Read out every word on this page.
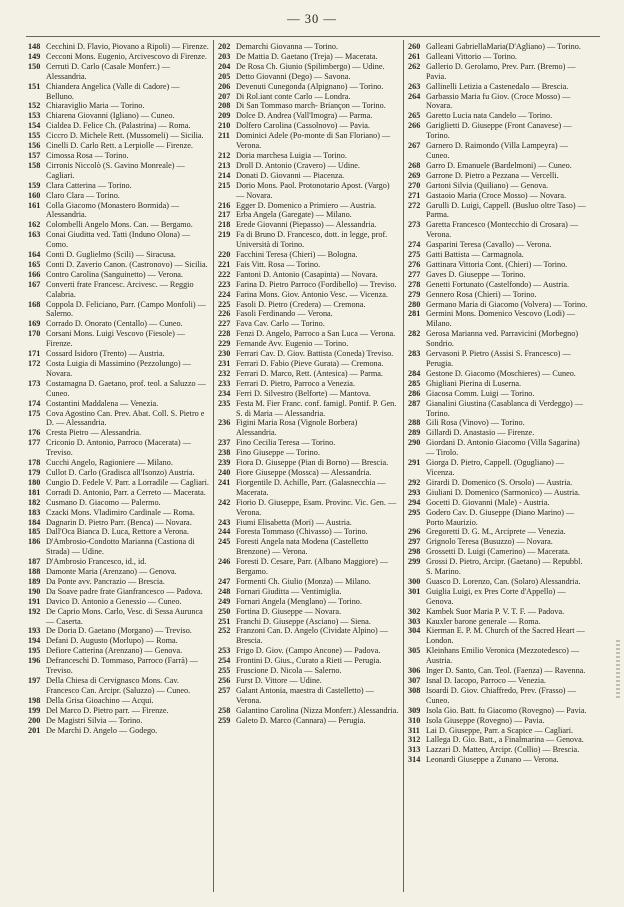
— 30 —

148 Cecchini D. Flavio, Piovano a Ripoli) — Firenze.

149 Cecconi Mons. Eugenio, Arcivescovo di Firenze.

150 Cerruti D. Carlo (Casale Monferr.) — Alessandria.

151 Chiandera Angelica (Valle di Cadore) — Belluno.

152 Chiaraviglio Maria — Torino.

153 Chiarena Giovanni (Igliano) — Cuneo.

154 Cialdea D. Felice Ch. (Palastrina) — Roma.

155 Ciccro D. Michele Rett. (Mussomeli) — Sicilia.

156 Cinelli D. Carlo Rett. a Lerpiolle — Firenze.

157 Cimossa Rosa — Torino.

158 Cirronis Niccolò (S. Gavino Monreale) — Cagliari.

159 Clara Catterina — Torino.

160 Claro Clara — Torino.

161 Colla Giacomo (Monastero Bormida) — Alessandria.

162 Colombelli Angelo Mons. Can. — Bergamo.

163 Conai Giuditta ved. Tatti (Induno Olona) — Como.

164 Conti D. Guglielmo (Scili) — Siracusa.

165 Conti D. Zaverio Canon. (Castronovo) — Sicilia.

166 Contro Carolina (Sanguinetto) — Verona.

167 Converti frate Francesc. Arcivesc. — Reggio Calabria.

168 Coppola D. Feliciano, Parr. (Campo Monfoli) — Salerno.

169 Corrado D. Onorato (Centallo) — Cuneo.

170 Corsani Mons. Luigi Vescovo (Fiesole) — Firenze.

171 Cossard Isidoro (Trento) — Austria.

172 Costa Luigia di Massimino (Pezzolungo) — Novara.

173 Costamagna D. Gaetano, prof. teol. a Saluzzo — Cuneo.

174 Costantini Maddalena — Venezia.

175 Cova Agostino Can. Prev. Abat. Coll. S. Pietro e D. — Alessandria.

176 Cresta Pietro — Alessandria.

177 Criconio D. Antonio, Parroco (Macerata) — Treviso.

178 Cucchi Angelo, Ragioniere — Milano.

179 Cullot D. Carlo (Gradisca all'Isonzo) Austria.

180 Cungio D. Fedele V. Parr. a Lorradile — Cagliari.

181 Corradi D. Antonio, Parr. a Cerreto — Macerata.

182 Cusmano D. Giacomo — Palermo.

183 Czacki Mons. Vladimiro Cardinale — Roma.

184 Dagnarin D. Pietro Parr. (Benca) — Novara.

185 Dall'Oca Bianca D. Luca, Rettore a Verona.

186 D'Ambrosio-Condotto Marianna (Castiona di Strada) — Udine.

187 D'Ambrosio Francesco, id., id.

188 Damonte Maria (Arenzano) — Genova.

189 Da Ponte avv. Pancrazio — Brescia.

190 Da Soave padre frate Gianfrancesco — Padova.

191 Davico D. Antonio a Genessio — Cuneo.

192 De Caprio Mons. Carlo, Vesc. di Sessa Aurunca — Caserta.

193 De Doria D. Gaetano (Morgano) — Treviso.

194 Defani D. Augusto (Morlupo) — Roma.

195 Defiore Catterina (Arenzano) — Genova.

196 Defranceschi D. Tommaso, Parroco (Farrà) — Treviso.

197 Della Chiesa di Cervignasco Mons. Cav. Francesco Can. Arcipr. (Saluzzo) — Cuneo.

198 Della Grisa Gioachino — Acqui.

199 Del Marco D. Pietro parr. — Firenze.

200 De Magistri Silvia — Torino.

201 De Marchi D. Angelo — Godego.

202 Demarchi Giovanna — Torino.

203 De Mattia D. Gaetano (Treja) — Macerata.

204 De Rosa Ch. Giunio (Spilimbergo) — Udine.

205 Detto Giovanni (Dego) — Savona.

206 Devenuti Cunegonda (Alpignano) — Torino.

207 Di Rol.iant conte Carlo — Londra.

208 Di San Tommaso march- Briançon — Torino.

209 Dolce D. Andrea (Vall'Imogra) — Parma.

210 Dolfero Carolina (Cassolnovo) — Pavia.

211 Dominici Adele (Po-monte di San Floriano) — Verona.

212 Doria marchesa Luigia — Torino.

213 Droll D. Antonio (Cravero) — Udine.

214 Donati D. Giovanni — Piacenza.

215 Dorio Mons. Paol. Protonotario Apost. (Vargo) — Novara.

216 Egger D. Domenico a Primiero — Austria.

217 Erba Angela (Garegate) — Milano.

218 Erede Giovanni (Piepasso) — Alessandria.

219 Fa di Bruno D. Francesco, dott. in legge, prof. Università di Torino.

220 Facchini Teresa (Chieri) — Bologna.

221 Fais Vitt. Rosa — Torino.

222 Fantoni D. Antonio (Casapinta) — Novara.

223 Farina D. Pietro Parroco (Fordibello) — Treviso.

224 Farina Mons. Giov. Antonio Vesc. — Vicenza.

225 Fasoli D. Pietro (Credera) — Cremona.

226 Fasoli Ferdinando — Verona.

227 Fava Cav. Carlo — Torino.

228 Fenzi D. Angelo, Parroco a San Luca — Verona.

229 Fernande Avv. Eugenio — Torino.

230 Ferrari Cav. D. Giov. Battista (Coneda) Treviso.

231 Ferrari D. Fabio (Pieve Gurata) — Cremona.

232 Ferrari D. Marco, Rett. (Antesica) — Parma.

233 Ferrari D. Pietro, Parroco a Venezia.

234 Ferri D. Silvestro (Belforte) — Mantova.

235 Festa M. Fier Franc. conf. famigl. Pontif. P. Gen. S. di Maria — Alessandria.

236 Figini Maria Rosa (Vignole Borbera) Alessandria.

237 Fino Cecilia Teresa — Torino.

238 Fino Giuseppe — Torino.

239 Fiora D. Giuseppe (Pian di Borno) — Brescia.

240 Fiore Giuseppe (Mossca) — Alessandria.

241 Fiorgentile D. Achille, Parr. (Galasnecchia — Macerata.

242 Fiorio D. Giuseppe, Esam. Provinc. Vic. Gen. — Verona.

243 Fiumi Elisabetta (Mori) — Austria.

244 Foresta Tommaso (Chivasso) — Torino.

245 Foresti Angela nata Modena (Castelletto Brenzone) — Verona.

246 Foresti D. Cesare, Parr. (Albano Maggiore) — Bergamo.

247 Formenti Ch. Giulio (Monza) — Milano.

248 Fornari Giuditta — Ventimiglia.

249 Fornari Angela (Menglano) — Torino.

250 Fortina D. Giuseppe — Novara.

251 Franchi D. Giuseppe (Asciano) — Siena.

252 Franzoni Can. D. Angelo (Cividate Alpino) — Brescia.

253 Frigo D. Giov. (Campo Ancone) — Padova.

254 Frontini D. Gius., Curato a Rieti — Perugia.

255 Fruscione D. Nicola — Salerno.

256 Furst D. Vittore — Udine.

257 Galant Antonia, maestra di Castelletto) — Verona.

258 Galantino Carolina (Nizza Monferr.) Alessandria.

259 Galeto D. Marco (Cannara) — Perugia.

260 Galleani GabriellaMaria(D'Agliano) — Torino.

261 Galleani Vittorio — Torino.

262 Gallerio D. Gerolamo, Prev. Parr. (Bremo) — Pavia.

263 Gallinelli Letizia a Castenedalo — Brescia.

264 Garbassio Maria fu Giov. (Croce Mosso) — Novara.

265 Garetto Lucia nata Candelo — Torino.

266 Gariglietti D. Giuseppe (Front Canavese) — Torino.

267 Garnero D. Raimondo (Villa Lampeyra) — Cuneo.

268 Garro D. Emanuele (Bardelmoni) — Cuneo.

269 Garrone D. Pietro a Pezzana — Vercelli.

270 Gartoni Silvia (Quiliano) — Genova.

271 Gastaoio Maria (Croce Mosso) — Novara.

272 Garulli D. Luigi, Cappell. (Busluo oltre Taso) — Parma.

273 Garetta Francesco (Montecchio di Crosara) — Verona.

274 Gasparini Teresa (Cavallo) — Verona.

275 Gatti Battista — Carmagnola.

276 Gattinara Vittoria Cont. (Chieri) — Torino.

277 Gaves D. Giuseppe — Torino.

278 Genetti Fortunato (Castelfondo) — Austria.

279 Gennero Rosa (Chieri) — Torino.

280 Germano Maria di Giacomo (Volvera) — Torino.

281 Germini Mons. Domenico Vescovo (Lodi) — Milano.

282 Gerosa Marianna ved. Parravicini (Morbegno) Sondrio.

283 Gervasoni P. Pietro (Assisi S. Francesco) — Perugia.

284 Gestone D. Giacomo (Moschieres) — Cuneo.

285 Ghigliani Pierina di Luserna.

286 Giacosa Comm. Luigi — Torino.

287 Gianalini Giustina (Casablanca di Verdeggo) — Torino.

288 Gili Rosa (Vinovo) — Torino.

289 Gillardi D. Anastasio — Firenze.

290 Giordani D. Antonio Giacomo (Villa Sagarina) — Tirolo.

291 Giorga D. Pietro, Cappell. (Ogugliano) — Vicenza.

292 Girardi D. Domenico (S. Orsolo) — Austria.

293 Giuliani D. Domenico (Sarmonico) — Austria.

294 Gocetti D. Giovanni (Male) - Austria.

295 Godero Cav. D. Giuseppe (Diano Marino) — Porto Maurizio.

296 Gregoretti D. G. M., Arciprete — Venezia.

297 Grignolo Teresa (Busuzzo) — Novara.

298 Grossetti D. Luigi (Camerino) — Macerata.

299 Grossi D. Pietro, Arcipr. (Gaetano) — Repubbl. S. Marino.

300 Guasco D. Lorenzo, Can. (Solaro) Alessandria.

301 Guiglia Luigi, ex Pres Corte d'Appello) — Genova.

302 Kambek Suor Maria P. V. T. F. — Padova.

303 Kauxler barone generale — Roma.

304 Kierman E. P. M. Church of the Sacred Heart — London.

305 Kleinhans Emilio Veronica (Mezzotedesco) — Austria.

306 Inger D. Santo, Can. Teol. (Faenza) — Ravenna.

307 Isnal D. Iacopo, Parroco — Venezia.

308 Isoardi D. Giov. Chiaffredo, Prev. (Frasso) — Cuneo.

309 Isola Gio. Batt. fu Giacomo (Rovegno) — Pavia.

310 Isola Giuseppe (Rovegno) — Pavia.

311 Lai D. Giuseppe, Parr. a Scapice — Cagliari.

312 Lallega D. Gio. Batt., a Finalmarina — Genova.

313 Lazzari D. Matteo, Arcipr. (Collio) — Brescia.

314 Leonardi Giuseppe a Zunano — Verona.
